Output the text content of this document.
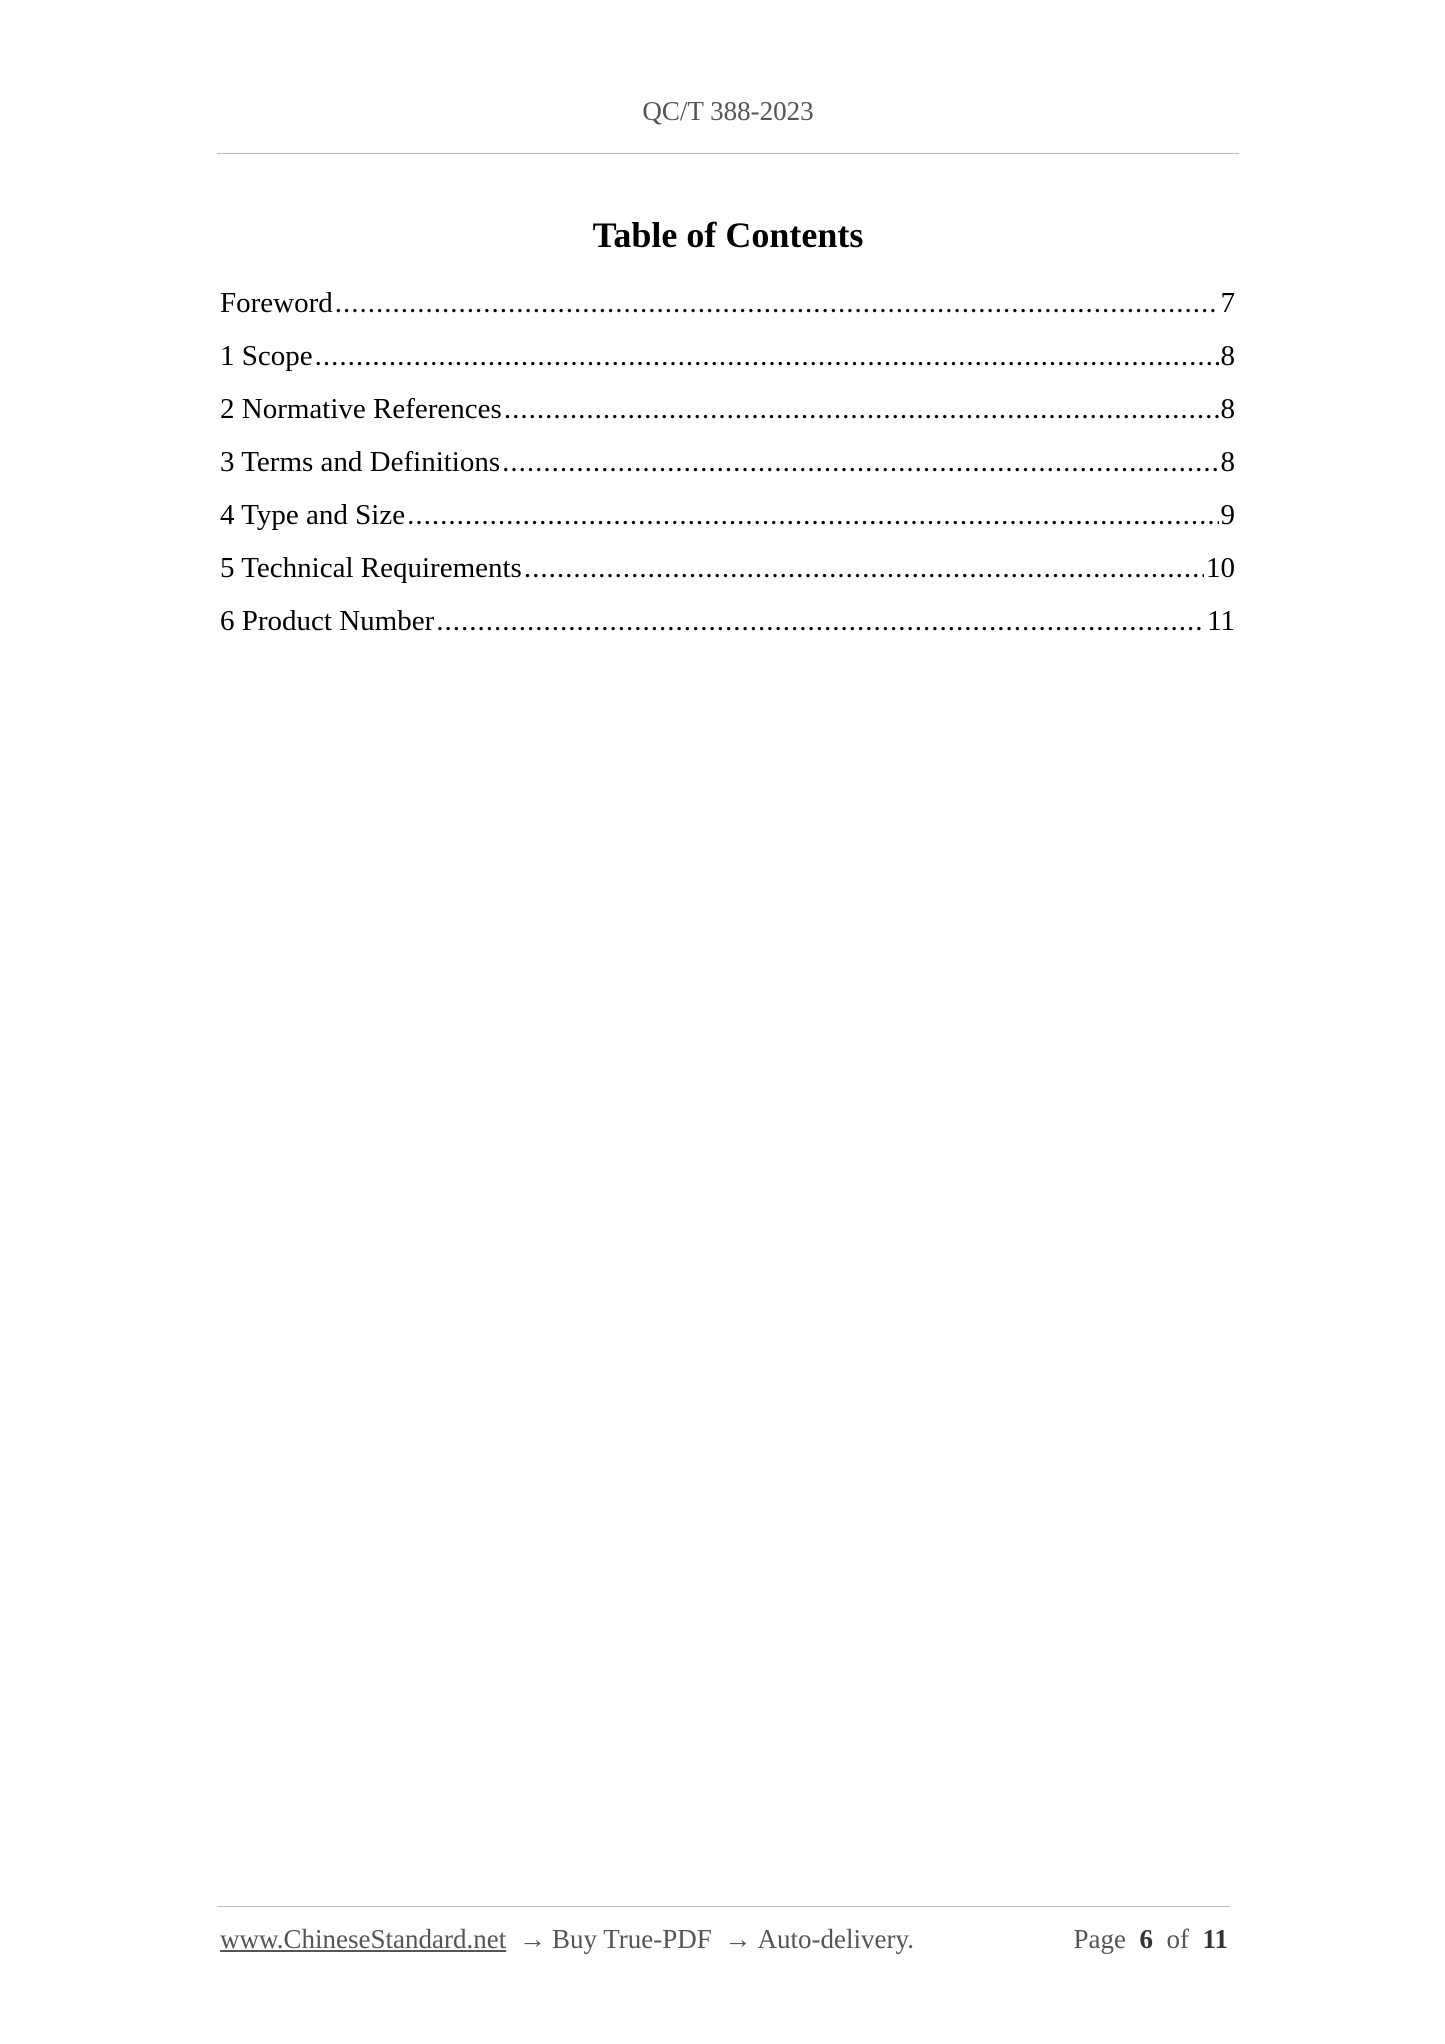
QC/T 388-2023
Table of Contents
Foreword .....	7
1 Scope .....	8
2 Normative References .....	8
3 Terms and Definitions .....	8
4 Type and Size .....	9
5 Technical Requirements .....	10
6 Product Number .....	11
www.ChineseStandard.net → Buy True-PDF → Auto-delivery.	Page 6 of 11
